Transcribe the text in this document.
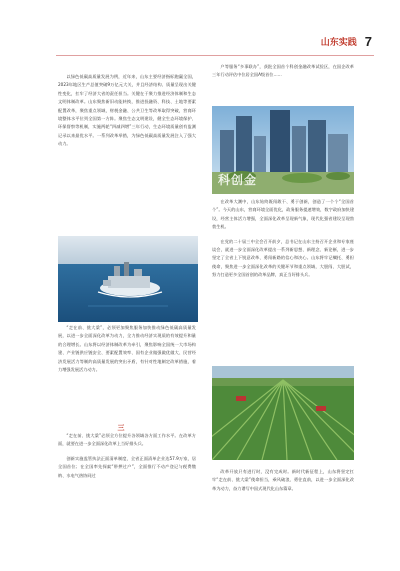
山东实践 7

以绿色低碳高质量发展为例，近年来，山东主要经济指标跑赢全国，2023年地区生产总值突破9万亿元大关，并且经济结构、质量呈现出关键性变化，扛牢了经济大省的责任担当。关键在于聚力推进经济体制和生态文明体制改革。山东聚焦新旧动能转换，推进投融资、科技、土地等要素配置改革，聚焦重点领域，财税金融、公共卫生等改革取得突破，营商环境整体水平位列全国第一方阵。聚焦生态文明建设，健全生态环境保护、环保督察等机制，实施两轮“四减四增”三年行动，生态环境质量创有监测记录以来最优水平。一系列改革举措，为绿色低碳高质量发展注入了强大动力。

“走在前、挑大梁”，必须更加聚焦服务加快推动绿色低碳高质量发展，以进一步全面深化改革为动力，全力推动经济实现质的有效提升和量的合理增长。山东将以经济体制改革为牵引，聚焦影响全国统一大市场构建、产业链供应链安全、要素配置效率、国有企业做强做优做大、民营经济发展活力等制约高质量发展的突出矛盾，有针对性地制定改革措施，着力增强发展活力动力。

三

“走在前、挑大梁”必须全方位提升各领域各方面工作水平。在改革方面，就要在进一步全面深化改革上当好排头兵。

创新实施监管执法正面清单制度，全省正面清单企业达57.9万家，居全国首位；在全国率先探索“带押过户”，全面推行不动产登记与税费缴纳、水电气热协同过

户等服务“多事联办”，获批全国首个科创金融改革试验区，在国企改革三年行动评估中位居全国A级首位……

科创金

在改革大潮中，山东始终既闯敢干、勇于创新，创造了一个个“全国首个”。今天的山东，营商环境全面优化，政务服务提速增效，数字政府加快建设，经营主体活力增强，全面深化改革呈现新气象，现代化强省建设呈现勃勃生机。

在党的二十届三中全会召开前夕，总书记在山东主持召开企业和专家座谈会，就进一步全面深化改革提出一系列新思想、新理念、新论断，进一步坚定了全省上下锐意改革、勇闯新路的信心和决心。山东将牢记嘱托、勇担使命，聚焦进一步全面深化改革的关键环节和重点领域，大胆闯、大胆试，努力打造更多全国首创的改革品牌，真正当好排头兵。

改革开放只有进行时，没有完成时。新时代新征程上，山东将坚定扛牢“走在前、挑大梁”使命担当，乘风破浪、勇往直前，以进一步全面深化改革为动力，奋力谱写中国式现代化山东篇章。
